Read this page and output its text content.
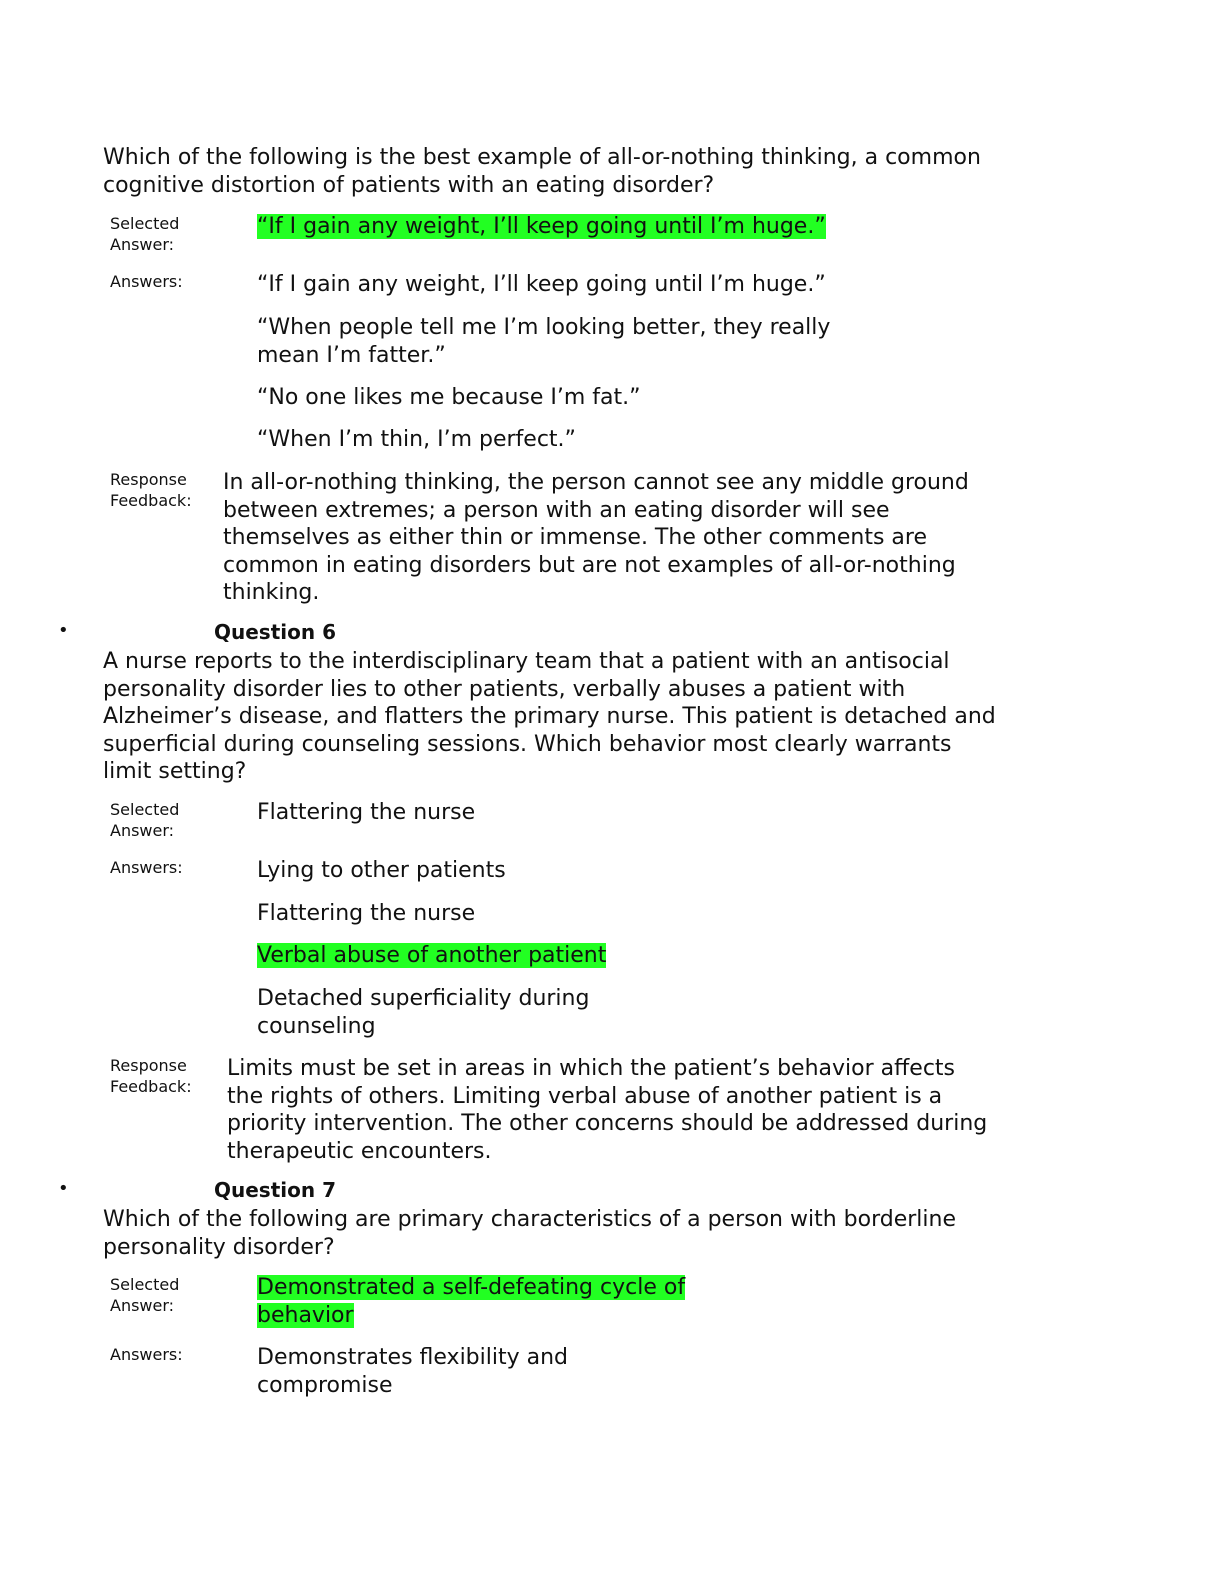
Which of the following is the best example of all-or-nothing thinking, a common cognitive distortion of patients with an eating disorder?

Selected Answer:
“If I gain any weight, I’ll keep going until I’m huge.”
Answers:	“If I gain any weight, I’ll keep going until I’m huge.”
“When people tell me I’m looking better, they really mean I’m fatter.”
“No one likes me because I’m fat.”
“When I’m thin, I’m perfect.”
Response Feedback:
In all-or-nothing thinking, the person cannot see any middle ground between extremes; a person with an eating disorder will see themselves as either thin or immense. The other comments are common in eating disorders but are not examples of all-or-nothing thinking.
•	Question 6

A nurse reports to the interdisciplinary team that a patient with an antisocial personality disorder lies to other patients, verbally abuses a patient with Alzheimer’s disease, and flatters the primary nurse. This patient is detached and superficial during counseling sessions. Which behavior most clearly warrants limit setting?

Selected Answer:
Flattering the nurse
Answers:	Lying to other patients
Flattering the nurse
Verbal abuse of another patient
Detached superficiality during counseling
Response Feedback:
Limits must be set in areas in which the patient’s behavior affects the rights of others. Limiting verbal abuse of another patient is a priority intervention. The other concerns should be addressed during therapeutic encounters.
•	Question 7

Which of the following are primary characteristics of a person with borderline personality disorder?

Selected Answer:
Demonstrated a self-defeating cycle of behavior
Answers:	Demonstrates flexibility and compromise
